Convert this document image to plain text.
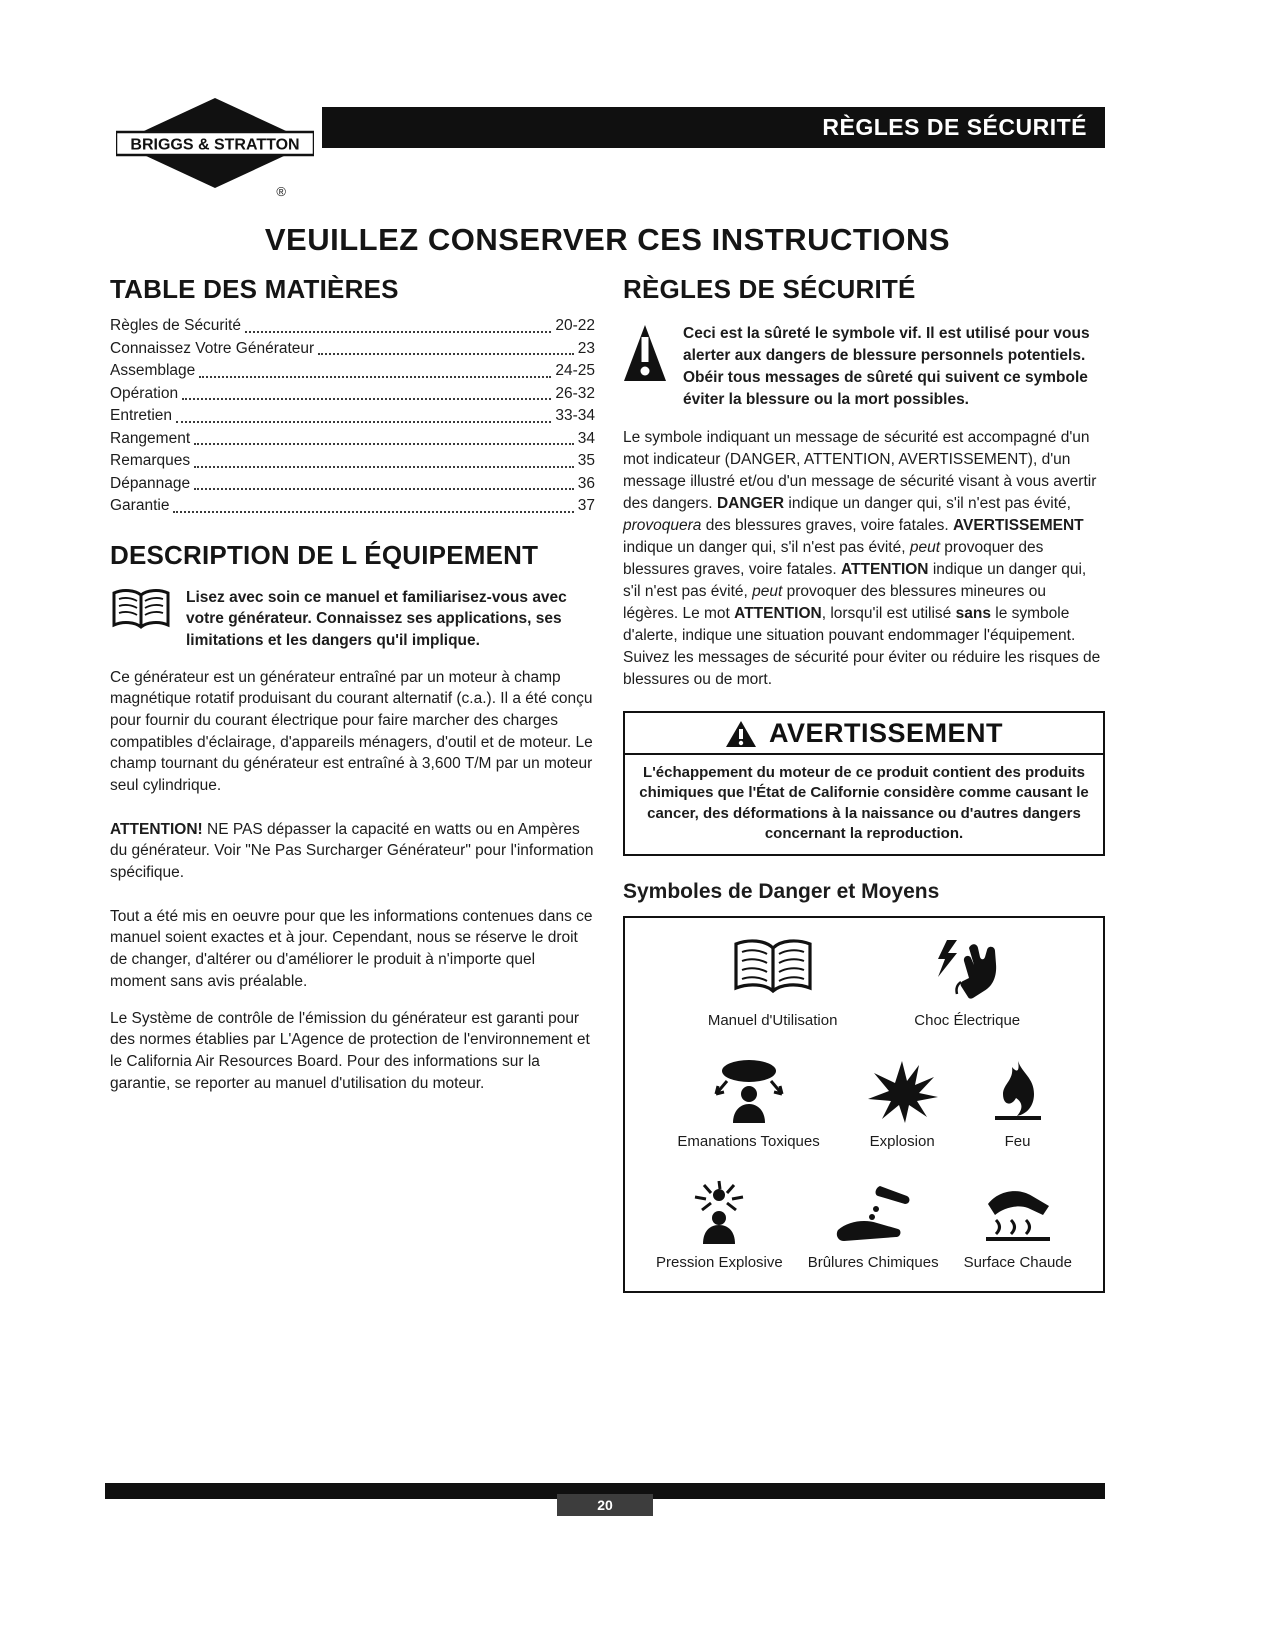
BRIGGS & STRATTON
®
RÈGLES DE SÉCURITÉ
VEUILLEZ CONSERVER CES INSTRUCTIONS
TABLE DES MATIÈRES
Règles de Sécurité	20-22
Connaissez Votre Générateur	23
Assemblage	24-25
Opération	26-32
Entretien	33-34
Rangement	34
Remarques	35
Dépannage	36
Garantie	37
DESCRIPTION DE L ÉQUIPEMENT
Lisez avec soin ce manuel et familiarisez-vous avec votre générateur. Connaissez ses applications, ses limitations et les dangers qu'il implique.

Ce générateur est un générateur entraîné par un moteur à champ magnétique rotatif produisant du courant alternatif (c.a.). Il a été conçu pour fournir du courant électrique pour faire marcher des charges compatibles d'éclairage, d'appareils ménagers, d'outil et de moteur. Le champ tournant du générateur est entraîné à 3,600 T/M par un moteur seul cylindrique.

ATTENTION! NE PAS dépasser la capacité en watts ou en Ampères du générateur. Voir "Ne Pas Surcharger Générateur" pour l'information spécifique.

Tout a été mis en oeuvre pour que les informations contenues dans ce manuel soient exactes et à jour. Cependant, nous se réserve le droit de changer, d'altérer ou d'améliorer le produit à n'importe quel moment sans avis préalable.

Le Système de contrôle de l'émission du générateur est garanti pour des normes établies par L'Agence de protection de l'environnement et le California Air Resources Board. Pour des informations sur la garantie, se reporter au manuel d'utilisation du moteur.

RÈGLES DE SÉCURITÉ
Ceci est la sûreté le symbole vif. Il est utilisé pour vous alerter aux dangers de blessure personnels potentiels. Obéir tous messages de sûreté qui suivent ce symbole éviter la blessure ou la mort possibles.

Le symbole indiquant un message de sécurité est accompagné d'un mot indicateur (DANGER, ATTENTION, AVERTISSEMENT), d'un message illustré et/ou d'un message de sécurité visant à vous avertir des dangers. DANGER indique un danger qui, s'il n'est pas évité, provoquera des blessures graves, voire fatales. AVERTISSEMENT indique un danger qui, s'il n'est pas évité, peut provoquer des blessures graves, voire fatales. ATTENTION indique un danger qui, s'il n'est pas évité, peut provoquer des blessures mineures ou légères. Le mot ATTENTION, lorsqu'il est utilisé sans le symbole d'alerte, indique une situation pouvant endommager l'équipement. Suivez les messages de sécurité pour éviter ou réduire les risques de blessures ou de mort.

AVERTISSEMENT
L'échappement du moteur de ce produit contient des produits chimiques que l'État de Californie considère comme causant le cancer, des déformations à la naissance ou d'autres dangers concernant la reproduction.
Symboles de Danger et Moyens
Manuel d'Utilisation	Choc Électrique
Emanations Toxiques	Explosion	Feu
Pression Explosive Brûlures Chimiques Surface Chaude
20
